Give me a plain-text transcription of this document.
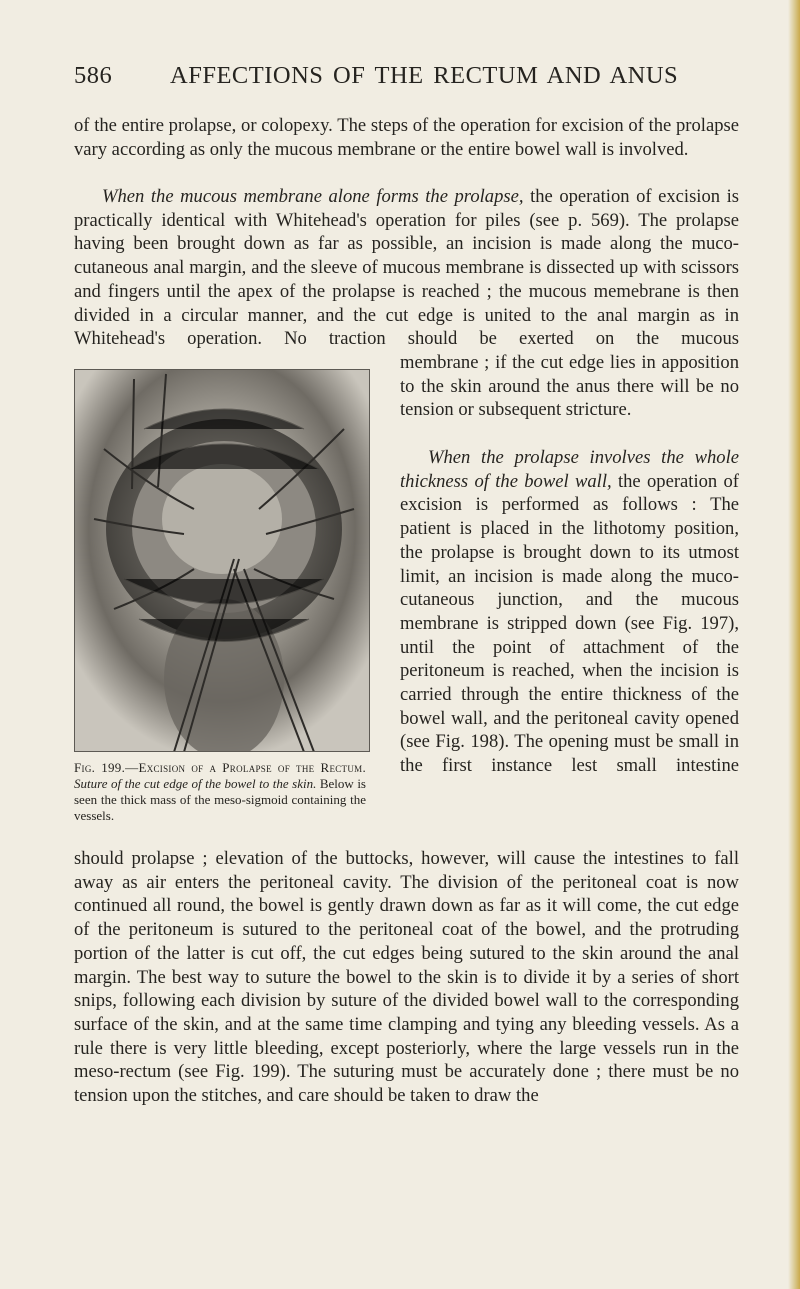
586 AFFECTIONS OF THE RECTUM AND ANUS

of the entire prolapse, or colopexy. The steps of the operation for excision of the prolapse vary according as only the mucous membrane or the entire bowel wall is involved.

When the mucous membrane alone forms the prolapse, the operation of excision is practically identical with Whitehead's operation for piles (see p. 569). The prolapse having been brought down as far as possible, an incision is made along the muco-cutaneous anal margin, and the sleeve of mucous membrane is dissected up with scissors and fingers until the apex of the prolapse is reached ; the mucous memebrane is then divided in a circular manner, and the cut edge is united to the anal margin as in Whitehead's operation. No traction should be exerted on the mucous

membrane ; if the cut edge lies in apposition to the skin around the anus there will be no tension or subsequent stricture.

When the prolapse involves the whole thickness of the bowel wall, the operation of excision is performed as follows : The patient is placed in the lithotomy position, the prolapse is brought down to its utmost limit, an incision is made along the muco-cutaneous junction, and the mucous membrane is stripped down (see Fig. 197), until the point of attachment of the peritoneum is reached, when the incision is carried through the entire thickness of the bowel wall, and the peritoneal cavity opened (see Fig. 198). The opening must be small in the first instance lest small intestine

should prolapse ; elevation of the buttocks, however, will cause the intestines to fall away as air enters the peritoneal cavity. The division of the peritoneal coat is now continued all round, the bowel is gently drawn down as far as it will come, the cut edge of the peritoneum is sutured to the peritoneal coat of the bowel, and the protruding portion of the latter is cut off, the cut edges being sutured to the skin around the anal margin. The best way to suture the bowel to the skin is to divide it by a series of short snips, following each division by suture of the divided bowel wall to the corresponding surface of the skin, and at the same time clamping and tying any bleeding vessels. As a rule there is very little bleeding, except posteriorly, where the large vessels run in the meso-rectum (see Fig. 199). The suturing must be accurately done ; there must be no tension upon the stitches, and care should be taken to draw the

Fig. 199.—Excision of a Prolapse of the Rectum. Suture of the cut edge of the bowel to the skin. Below is seen the thick mass of the meso-sigmoid containing the vessels.
